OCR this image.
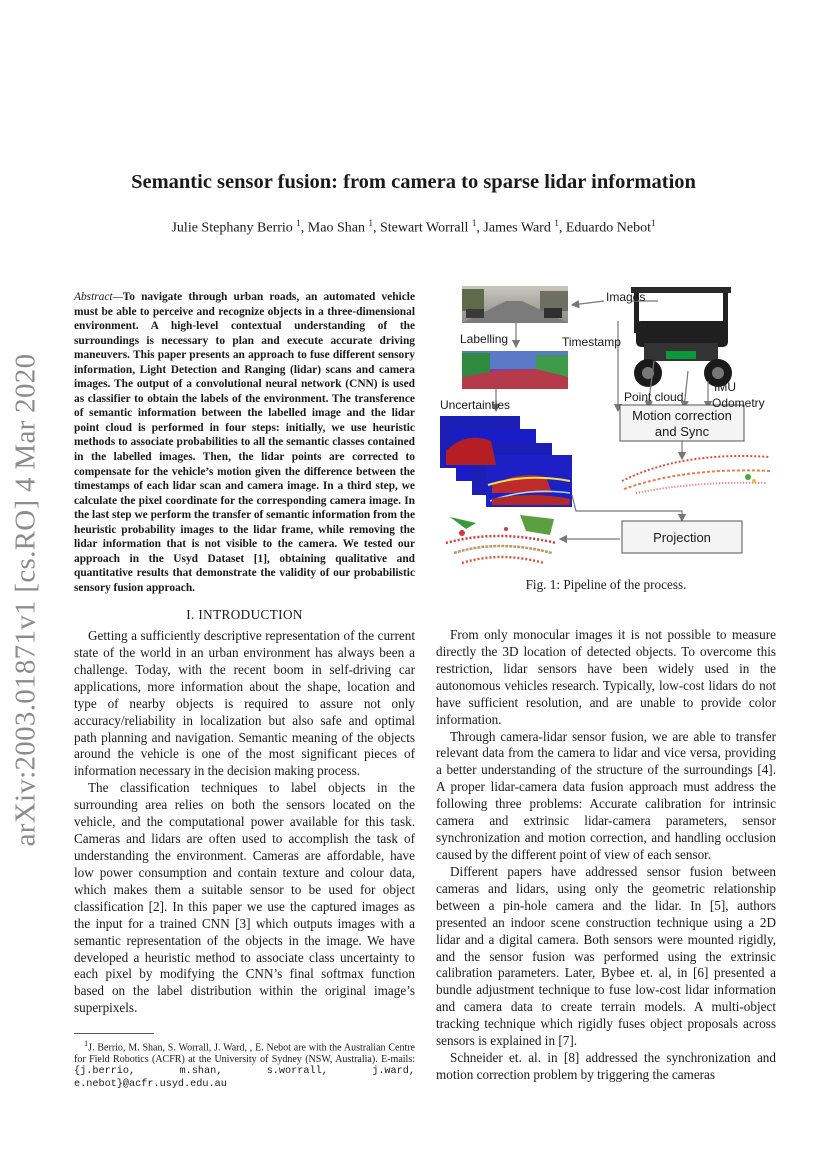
arXiv:2003.01871v1 [cs.RO] 4 Mar 2020
Semantic sensor fusion: from camera to sparse lidar information
Julie Stephany Berrio $^1$, Mao Shan $^1$, Stewart Worrall $^1$, James Ward $^1$, Eduardo Nebot$^1$
Abstract—To navigate through urban roads, an automated vehicle must be able to perceive and recognize objects in a three-dimensional environment. A high-level contextual understanding of the surroundings is necessary to plan and execute accurate driving maneuvers. This paper presents an approach to fuse different sensory information, Light Detection and Ranging (lidar) scans and camera images. The output of a convolutional neural network (CNN) is used as classifier to obtain the labels of the environment. The transference of semantic information between the labelled image and the lidar point cloud is performed in four steps: initially, we use heuristic methods to associate probabilities to all the semantic classes contained in the labelled images. Then, the lidar points are corrected to compensate for the vehicle’s motion given the difference between the timestamps of each lidar scan and camera image. In a third step, we calculate the pixel coordinate for the corresponding camera image. In the last step we perform the transfer of semantic information from the heuristic probability images to the lidar frame, while removing the lidar information that is not visible to the camera. We tested our approach in the Usyd Dataset [1], obtaining qualitative and quantitative results that demonstrate the validity of our probabilistic sensory fusion approach.
I. INTRODUCTION

Getting a sufficiently descriptive representation of the current state of the world in an urban environment has always been a challenge. Today, with the recent boom in self-driving car applications, more information about the shape, location and type of nearby objects is required to assure not only accuracy/reliability in localization but also safe and optimal path planning and navigation. Semantic meaning of the objects around the vehicle is one of the most significant pieces of information necessary in the decision making process.

The classification techniques to label objects in the surrounding area relies on both the sensors located on the vehicle, and the computational power available for this task. Cameras and lidars are often used to accomplish the task of understanding the environment. Cameras are affordable, have low power consumption and contain texture and colour data, which makes them a suitable sensor to be used for object classification [2]. In this paper we use the captured images as the input for a trained CNN [3] which outputs images with a semantic representation of the objects in the image. We have developed a heuristic method to associate class uncertainty to each pixel by modifying the CNN’s final softmax function based on the label distribution within the original image’s superpixels.

$^1$J. Berrio, M. Shan, S. Worrall, J. Ward, , E. Nebot are with the Australian Centre for Field Robotics (ACFR) at the University of Sydney (NSW, Australia). E-mails: {j.berrio, m.shan, s.worrall, j.ward, e.nebot}@acfr.usyd.edu.au

Images
Labelling	Timestamp
Uncertainties
Point cloud
IMU
Odometry
Motion correction
and Sync
Projection
Fig. 1: Pipeline of the process.

From only monocular images it is not possible to measure directly the 3D location of detected objects. To overcome this restriction, lidar sensors have been widely used in the autonomous vehicles research. Typically, low-cost lidars do not have sufficient resolution, and are unable to provide color information.

Through camera-lidar sensor fusion, we are able to transfer relevant data from the camera to lidar and vice versa, providing a better understanding of the structure of the surroundings [4]. A proper lidar-camera data fusion approach must address the following three problems: Accurate calibration for intrinsic camera and extrinsic lidar-camera parameters, sensor synchronization and motion correction, and handling occlusion caused by the different point of view of each sensor.

Different papers have addressed sensor fusion between cameras and lidars, using only the geometric relationship between a pin-hole camera and the lidar. In [5], authors presented an indoor scene construction technique using a 2D lidar and a digital camera. Both sensors were mounted rigidly, and the sensor fusion was performed using the extrinsic calibration parameters. Later, Bybee et. al, in [6] presented a bundle adjustment technique to fuse low-cost lidar information and camera data to create terrain models. A multi-object tracking technique which rigidly fuses object proposals across sensors is explained in [7].

Schneider et. al. in [8] addressed the synchronization and motion correction problem by triggering the cameras
